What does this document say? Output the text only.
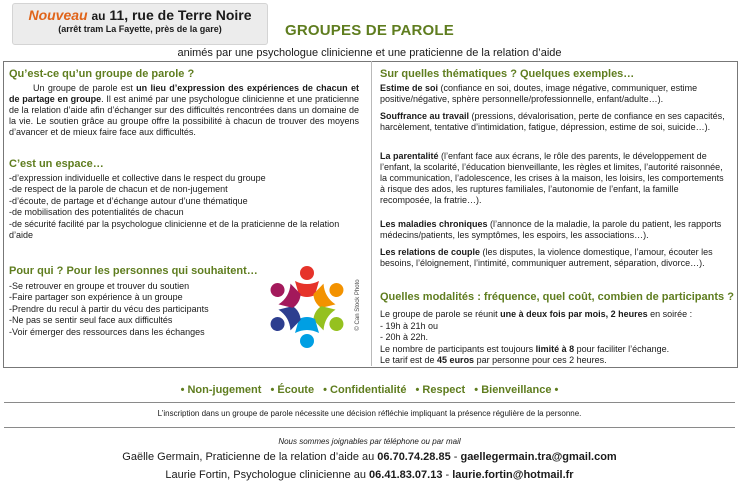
Nouveau au 11, rue de Terre Noire
(arrêt tram La Fayette, près de la gare)	GROUPES DE PAROLE
animés par une psychologue clinicienne et une praticienne de la relation d’aide
Qu’est-ce qu’un groupe de parole ?
Un groupe de parole est un lieu d’expression des expériences de chacun et de partage en groupe. Il est animé par une psychologue clinicienne et une praticienne de la relation d’aide afin d’échanger sur des difficultés rencontrées dans un domaine de la vie. Le soutien grâce au groupe offre la possibilité à chacun de trouver des moyens d’avancer et de mieux faire face aux difficultés.
C’est un espace…
-d’expression individuelle et collective dans le respect du groupe
-de respect de la parole de chacun et de non-jugement
-d’écoute, de partage et d’échange autour d’une thématique
-de mobilisation des potentialités de chacun
-de sécurité facilité par la psychologue clinicienne et de la praticienne de la relation d’aide
Pour qui ? Pour les personnes qui souhaitent…
-Se retrouver en groupe et trouver du soutien
-Faire partager son expérience à un groupe
-Prendre du recul à partir du vécu des participants
-Ne pas se sentir seul face aux difficultés
-Voir émerger des ressources dans les échanges
© Can Stock Photo
Sur quelles thématiques ? Quelques exemples…
Estime de soi (confiance en soi, doutes, image négative, communiquer, estime positive/négative, sphère personnelle/professionnelle, enfant/adulte…).
Souffrance au travail (pressions, dévalorisation, perte de confiance en ses capacités, harcèlement, tentative d’intimidation, fatigue, dépression, estime de soi, suicide…).
La parentalité (l’enfant face aux écrans, le rôle des parents, le développement de l’enfant, la scolarité, l’éducation bienveillante, les règles et limites, l’autorité raisonnée, la communication, l’adolescence, les crises à la maison, les loisirs, les comportements à risque des ados, les ruptures familiales, l’autonomie de l’enfant, la famille recomposée, la fratrie…).
Les maladies chroniques (l’annonce de la maladie, la parole du patient, les rapports médecins/patients, les symptômes, les espoirs, les associations…).
Les relations de couple (les disputes, la violence domestique, l’amour, écouter les besoins, l’éloignement, l’intimité, communiquer autrement, séparation, divorce…).
Quelles modalités : fréquence, quel coût, combien de participants ?
Le groupe de parole se réunit une à deux fois par mois, 2 heures en soirée :
- 19h à 21h ou
- 20h à 22h.
Le nombre de participants est toujours limité à 8 pour faciliter l’échange.
Le tarif est de 45 euros par personne pour ces 2 heures.
• Non-jugement • Écoute • Confidentialité • Respect • Bienveillance •
L’inscription dans un groupe de parole nécessite une décision réfléchie impliquant la présence régulière de la personne.
Nous sommes joignables par téléphone ou par mail
Gaëlle Germain, Praticienne de la relation d’aide au 06.70.74.28.85 - gaellegermain.tra@gmail.com
Laurie Fortin, Psychologue clinicienne au 06.41.83.07.13 - laurie.fortin@hotmail.fr
